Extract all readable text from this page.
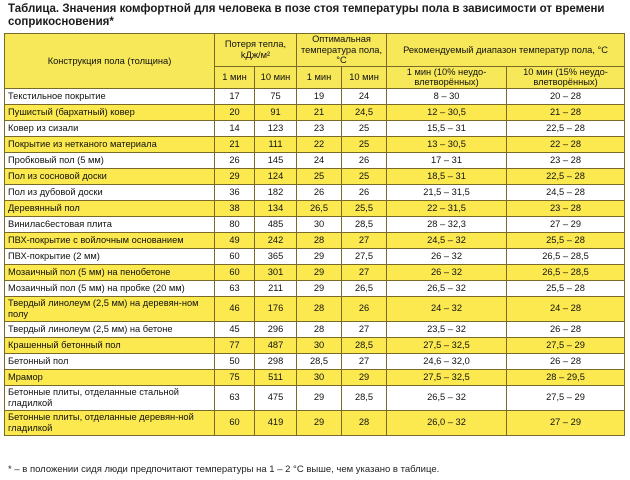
Таблица. Значения комфортной для человека в позе стоя температуры пола в зависимости от времени соприкосновения*
Конструкция пола (толщина)	Потеря тепла, kДж/м²		Оптимальная температура пола, °С		Рекомендуемый диапазон температур пола, °С	
	1 мин	10 мин	1 мин	10 мин	1 мин (10% неудо-влетворённых)	10 мин (15% неудо-влетворённых)
Текстильное покрытие	17	75	19	24	8 – 30	20 – 28
Пушистый (бархатный) ковер	20	91	21	24,5	12 – 30,5	21 – 28
Ковер из сизали	14	123	23	25	15,5 – 31	22,5 – 28
Покрытие из нетканого материала	21	111	22	25	13 – 30,5	22 – 28
Пробковый пол (5 мм)	26	145	24	26	17 – 31	23 – 28
Пол из сосновой доски	29	124	25	25	18,5 – 31	22,5 – 28
Пол из дубовой доски	36	182	26	26	21,5 – 31,5	24,5 – 28
Деревянный пол	38	134	26,5	25,5	22 – 31,5	23 – 28
Винилас6естовая плита	80	485	30	28,5	28 – 32,3	27 – 29
ПВХ-покрытие с войлочным основанием	49	242	28	27	24,5 – 32	25,5 – 28
ПВХ-покрытие (2 мм)	60	365	29	27,5	26 – 32	26,5 – 28,5
Мозаичный пол (5 мм) на пенобетоне	60	301	29	27	26 – 32	26,5 – 28,5
Мозаичный пол (5 мм) на пробке (20 мм)	63	211	29	26,5	26,5 – 32	25,5 – 28
Твердый линолеум (2,5 мм) на деревян-ном полу	46	176	28	26	24 – 32	24 – 28
Твердый линолеум (2,5 мм) на бетоне	45	296	28	27	23,5 – 32	26 – 28
Крашенный бетонный пол	77	487	30	28,5	27,5 – 32,5	27,5 – 29
Бетонный пол	50	298	28,5	27	24,6 – 32,0	26 – 28
Мрамор	75	511	30	29	27,5 – 32,5	28 – 29,5
Бетонные плиты, отделанные стальной гладилкой	63	475	29	28,5	26,5 – 32	27,5 – 29
Бетонные плиты, отделанные деревян-ной гладилкой	60	419	29	28	26,0 – 32	27 – 29
* – в положении сидя люди предпочитают температуры на 1 – 2 °С выше, чем указано в таблице.
